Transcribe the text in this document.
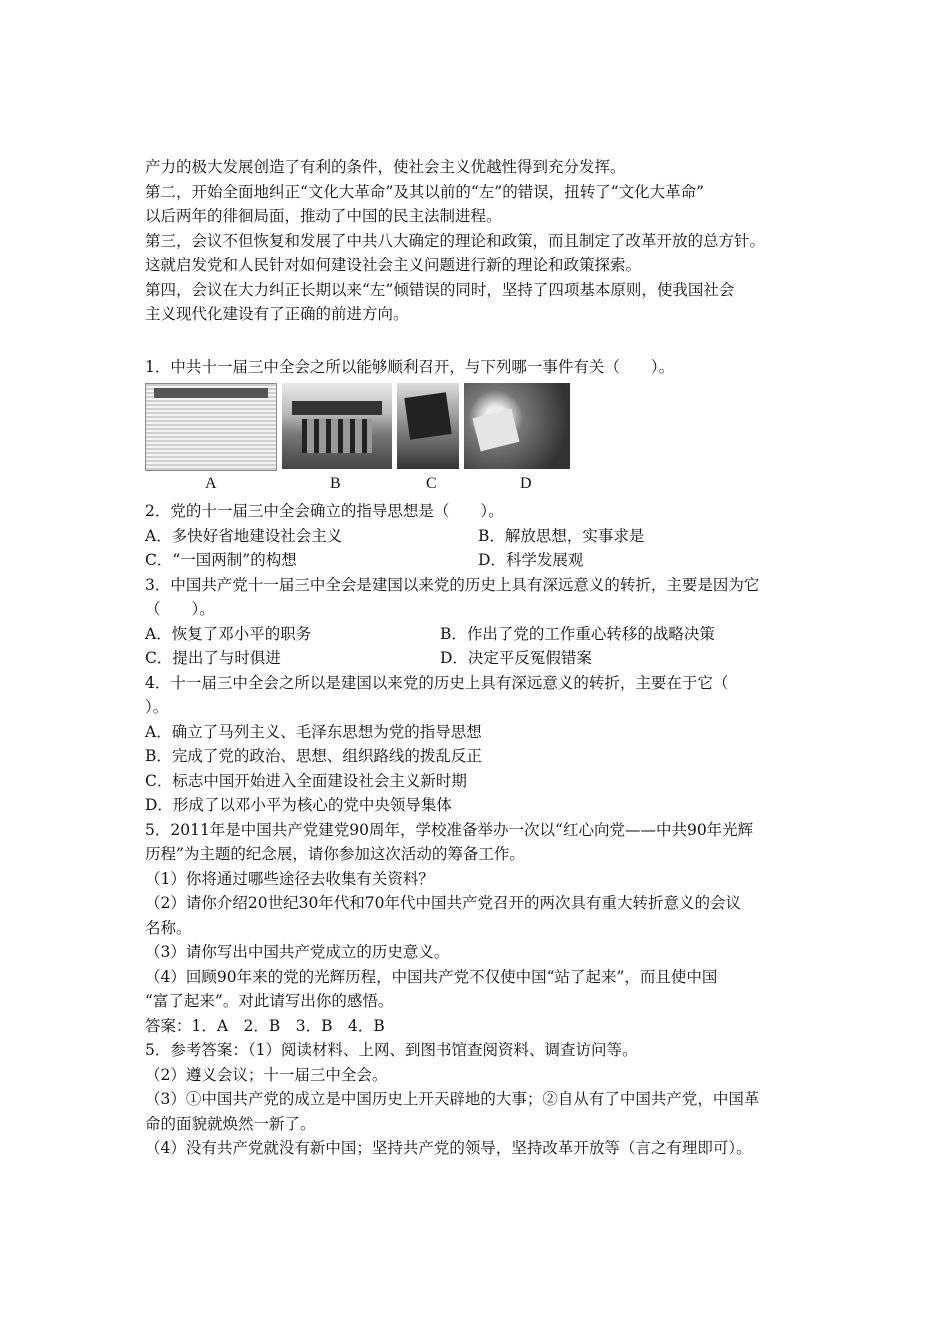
产力的极大发展创造了有利的条件，使社会主义优越性得到充分发挥。

第二，开始全面地纠正“文化大革命”及其以前的“左”的错误，扭转了“文化大革命”

以后两年的徘徊局面，推动了中国的民主法制进程。

第三，会议不但恢复和发展了中共八大确定的理论和政策，而且制定了改革开放的总方针。

这就启发党和人民针对如何建设社会主义问题进行新的理论和政策探索。

第四，会议在大力纠正长期以来“左”倾错误的同时，坚持了四项基本原则，使我国社会

主义现代化建设有了正确的前进方向。

1．中共十一届三中全会之所以能够顺利召开，与下列哪一事件有关（　　）。

A	B	C	D

2．党的十一届三中全会确立的指导思想是（　　）。

A．多快好省地建设社会主义	B．解放思想，实事求是
C．“一国两制”的构想	D．科学发展观

3．中国共产党十一届三中全会是建国以来党的历史上具有深远意义的转折，主要是因为它

（　　）。

A．恢复了邓小平的职务	B．作出了党的工作重心转移的战略决策
C．提出了与时俱进	D．决定平反冤假错案

4．十一届三中全会之所以是建国以来党的历史上具有深远意义的转折，主要在于它（

）。

A．确立了马列主义、毛泽东思想为党的指导思想

B．完成了党的政治、思想、组织路线的拨乱反正

C．标志中国开始进入全面建设社会主义新时期

D．形成了以邓小平为核心的党中央领导集体

5．2011年是中国共产党建党90周年，学校准备举办一次以“红心向党——中共90年光辉

历程”为主题的纪念展，请你参加这次活动的筹备工作。

（1）你将通过哪些途径去收集有关资料？

（2）请你介绍20世纪30年代和70年代中国共产党召开的两次具有重大转折意义的会议

名称。

（3）请你写出中国共产党成立的历史意义。

（4）回顾90年来的党的光辉历程，中国共产党不仅使中国“站了起来”，而且使中国

“富了起来”。对此请写出你的感悟。

答案：1．A　2．B　3．B　4．B

5．参考答案：（1）阅读材料、上网、到图书馆查阅资料、调查访问等。

（2）遵义会议；十一届三中全会。

（3）①中国共产党的成立是中国历史上开天辟地的大事；②自从有了中国共产党，中国革

命的面貌就焕然一新了。

（4）没有共产党就没有新中国；坚持共产党的领导，坚持改革开放等（言之有理即可）。
